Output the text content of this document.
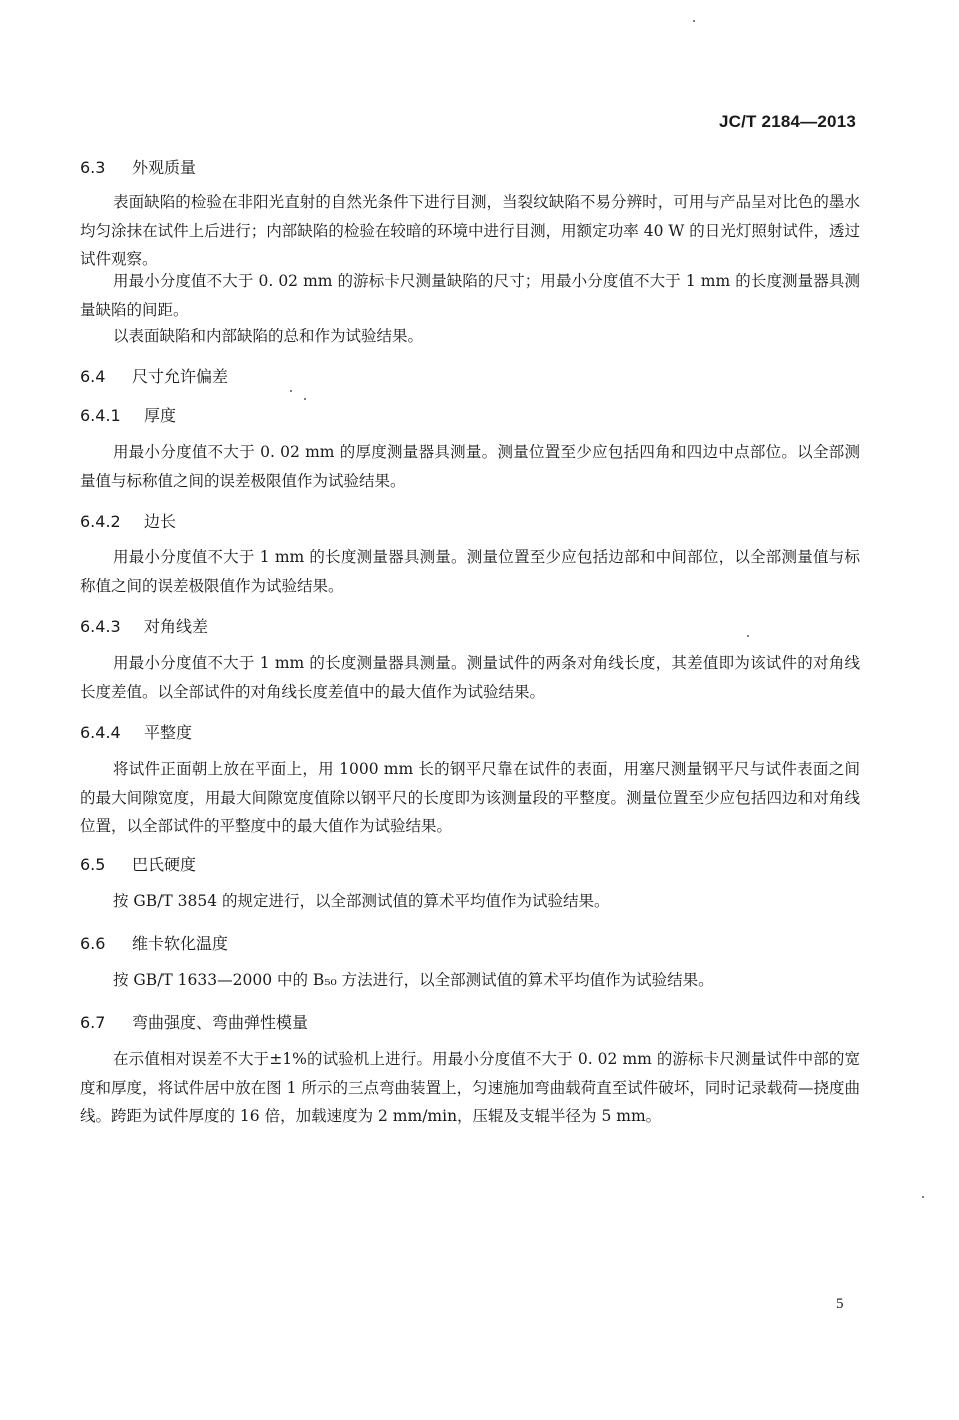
JC/T 2184—2013
6.3 外观质量

表面缺陷的检验在非阳光直射的自然光条件下进行目测，当裂纹缺陷不易分辨时，可用与产品呈对比色的墨水均匀涂抹在试件上后进行；内部缺陷的检验在较暗的环境中进行目测，用额定功率 40 W 的日光灯照射试件，透过试件观察。

用最小分度值不大于 0. 02 mm 的游标卡尺测量缺陷的尺寸；用最小分度值不大于 1 mm 的长度测量器具测量缺陷的间距。

以表面缺陷和内部缺陷的总和作为试验结果。

6.4 尺寸允许偏差
6.4.1 厚度

用最小分度值不大于 0. 02 mm 的厚度测量器具测量。测量位置至少应包括四角和四边中点部位。以全部测量值与标称值之间的误差极限值作为试验结果。

6.4.2 边长

用最小分度值不大于 1 mm 的长度测量器具测量。测量位置至少应包括边部和中间部位，以全部测量值与标称值之间的误差极限值作为试验结果。

6.4.3 对角线差

用最小分度值不大于 1 mm 的长度测量器具测量。测量试件的两条对角线长度，其差值即为该试件的对角线长度差值。以全部试件的对角线长度差值中的最大值作为试验结果。

6.4.4 平整度

将试件正面朝上放在平面上，用 1000 mm 长的钢平尺靠在试件的表面，用塞尺测量钢平尺与试件表面之间的最大间隙宽度，用最大间隙宽度值除以钢平尺的长度即为该测量段的平整度。测量位置至少应包括四边和对角线位置，以全部试件的平整度中的最大值作为试验结果。

6.5 巴氏硬度

按 GB/T 3854 的规定进行，以全部测试值的算术平均值作为试验结果。

6.6 维卡软化温度

按 GB/T 1633—2000 中的 B₅₀ 方法进行，以全部测试值的算术平均值作为试验结果。

6.7 弯曲强度、弯曲弹性模量

在示值相对误差不大于±1%的试验机上进行。用最小分度值不大于 0. 02 mm 的游标卡尺测量试件中部的宽度和厚度，将试件居中放在图 1 所示的三点弯曲装置上，匀速施加弯曲载荷直至试件破坏，同时记录载荷—挠度曲线。跨距为试件厚度的 16 倍，加载速度为 2 mm/min，压辊及支辊半径为 5 mm。

5
